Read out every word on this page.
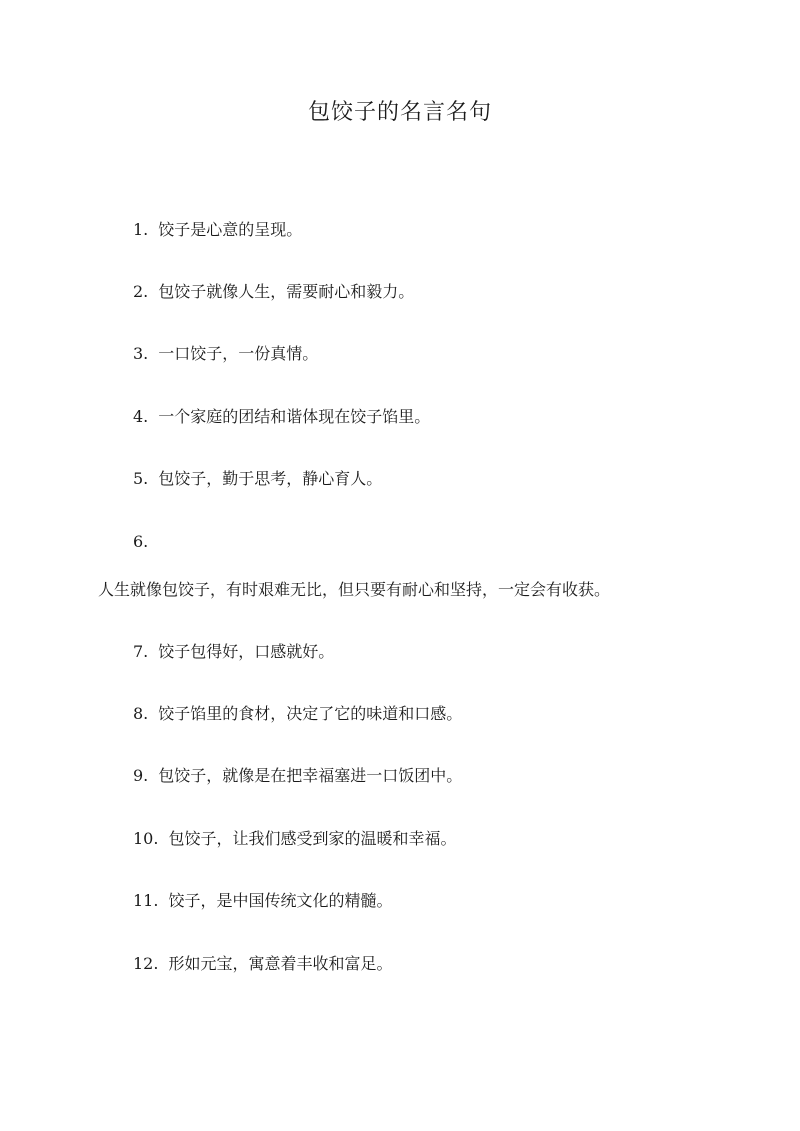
包饺子的名言名句

1. 饺子是心意的呈现。

2. 包饺子就像人生，需要耐心和毅力。

3. 一口饺子，一份真情。

4. 一个家庭的团结和谐体现在饺子馅里。

5. 包饺子，勤于思考，静心育人。

6.

人生就像包饺子，有时艰难无比，但只要有耐心和坚持，一定会有收获。

7. 饺子包得好，口感就好。

8. 饺子馅里的食材，决定了它的味道和口感。

9. 包饺子，就像是在把幸福塞进一口饭团中。

10. 包饺子，让我们感受到家的温暖和幸福。

11. 饺子，是中国传统文化的精髓。

12. 形如元宝，寓意着丰收和富足。
